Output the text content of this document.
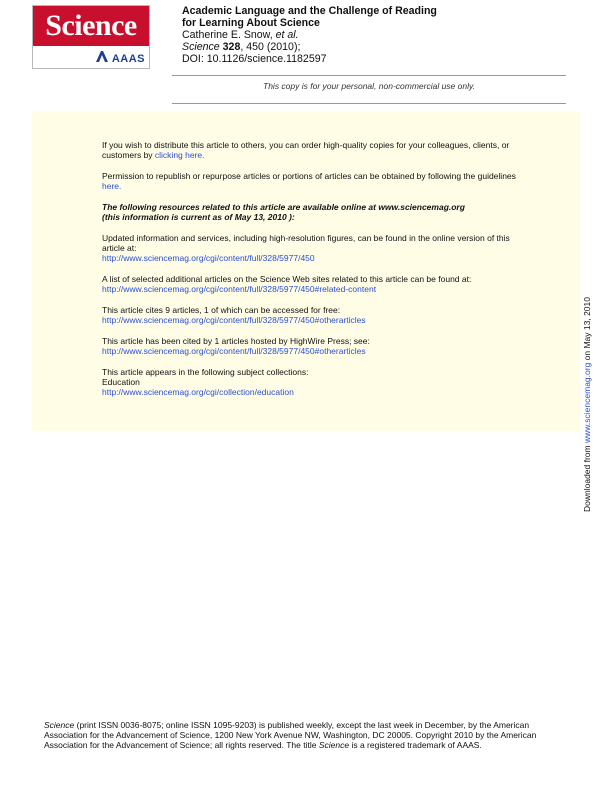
Science
AAAS
Academic Language and the Challenge of Reading
for Learning About Science
Catherine E. Snow, et al.
Science 328, 450 (2010);
DOI: 10.1126/science.1182597
This copy is for your personal, non-commercial use only.

If you wish to distribute this article to others, you can order high-quality copies for your colleagues, clients, or customers by clicking here.

Permission to republish or repurpose articles or portions of articles can be obtained by following the guidelines here.

The following resources related to this article are available online at www.sciencemag.org
(this information is current as of May 13, 2010 ):

Updated information and services, including high-resolution figures, can be found in the online version of this article at:
http://www.sciencemag.org/cgi/content/full/328/5977/450

A list of selected additional articles on the Science Web sites related to this article can be found at:
http://www.sciencemag.org/cgi/content/full/328/5977/450#related-content

This article cites 9 articles, 1 of which can be accessed for free:
http://www.sciencemag.org/cgi/content/full/328/5977/450#otherarticles

This article has been cited by 1 articles hosted by HighWire Press; see:
http://www.sciencemag.org/cgi/content/full/328/5977/450#otherarticles

This article appears in the following subject collections:
Education
http://www.sciencemag.org/cgi/collection/education

Downloaded from www.sciencemag.org on May 13, 2010
Science (print ISSN 0036-8075; online ISSN 1095-9203) is published weekly, except the last week in December, by the American Association for the Advancement of Science, 1200 New York Avenue NW, Washington, DC 20005. Copyright 2010 by the American Association for the Advancement of Science; all rights reserved. The title Science is a registered trademark of AAAS.
